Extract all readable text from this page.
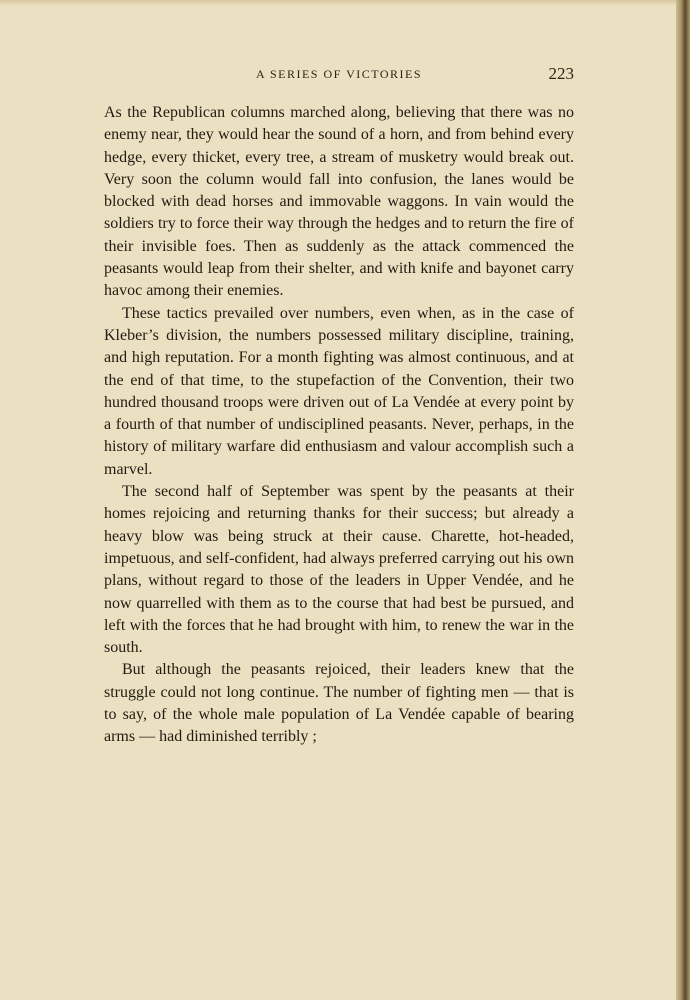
A SERIES OF VICTORIES	223

As the Republican columns marched along, believing that there was no enemy near, they would hear the sound of a horn, and from behind every hedge, every thicket, every tree, a stream of musketry would break out. Very soon the column would fall into confusion, the lanes would be blocked with dead horses and immovable waggons. In vain would the soldiers try to force their way through the hedges and to return the fire of their invisible foes. Then as suddenly as the attack commenced the peasants would leap from their shelter, and with knife and bayonet carry havoc among their enemies.

These tactics prevailed over numbers, even when, as in the case of Kleber’s division, the numbers possessed military discipline, training, and high reputation. For a month fighting was almost continuous, and at the end of that time, to the stupefaction of the Convention, their two hundred thousand troops were driven out of La Vendée at every point by a fourth of that number of undisciplined peasants. Never, perhaps, in the history of military warfare did enthusiasm and valour accomplish such a marvel.

The second half of September was spent by the peasants at their homes rejoicing and returning thanks for their success; but already a heavy blow was being struck at their cause. Charette, hot-headed, impetuous, and self-confident, had always preferred carrying out his own plans, without regard to those of the leaders in Upper Vendée, and he now quarrelled with them as to the course that had best be pursued, and left with the forces that he had brought with him, to renew the war in the south.

But although the peasants rejoiced, their leaders knew that the struggle could not long continue. The number of fighting men — that is to say, of the whole male population of La Vendée capable of bearing arms — had diminished terribly ;
